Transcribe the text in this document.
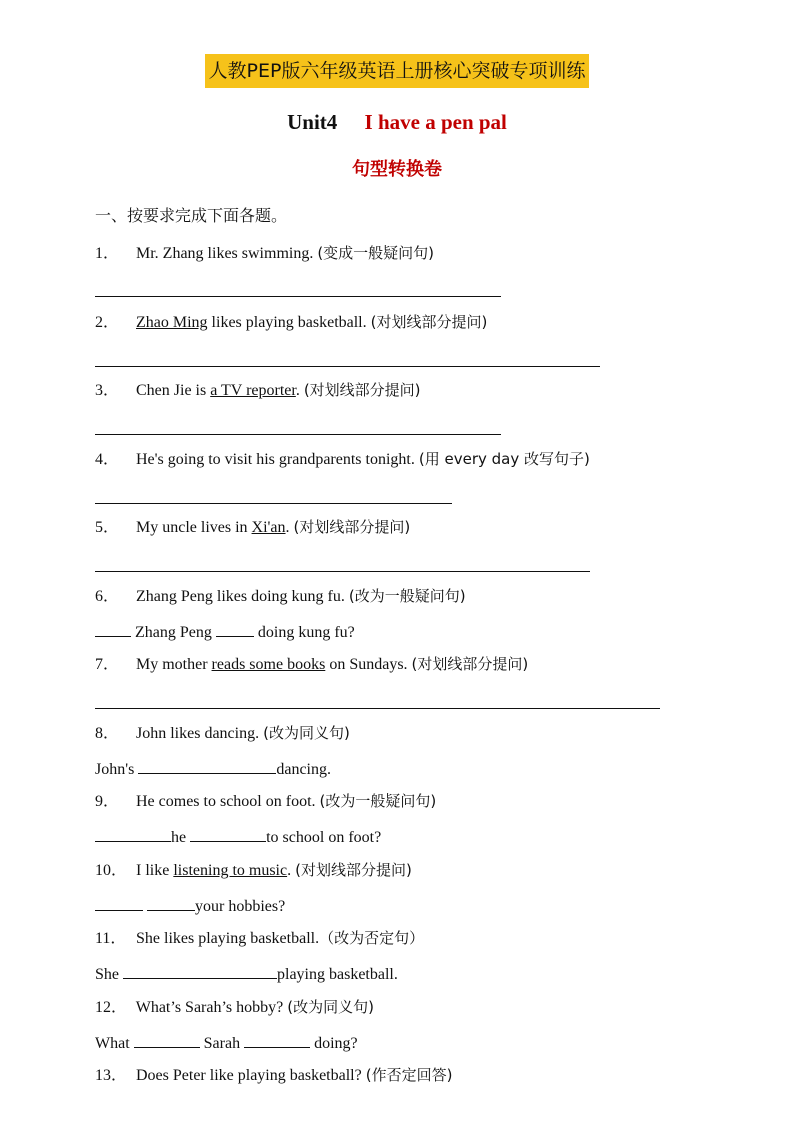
人教PEP版六年级英语上册核心突破专项训练
Unit4 I have a pen pal
句型转换卷
一、按要求完成下面各题。
1． Mr. Zhang likes swimming. (变成一般疑问句)
2． Zhao Ming likes playing basketball. (对划线部分提问)
3． Chen Jie is a TV reporter. (对划线部分提问)
4． He's going to visit his grandparents tonight. (用 every day 改写句子)
5． My uncle lives in Xi'an. (对划线部分提问)
6． Zhang Peng likes doing kung fu. (改为一般疑问句)
Zhang Peng	doing kung fu?
7． My mother reads some books on Sundays. (对划线部分提问)
8． John likes dancing. (改为同义句)
John's	dancing.
9． He comes to school on foot. (改为一般疑问句)
he	to school on foot?
10． I like listening to music. (对划线部分提问)
your hobbies?
11． She likes playing basketball.（改为否定句）
She	playing basketball.
12． What’s Sarah’s hobby? (改为同义句)
What	Sarah	doing?
13． Does Peter like playing basketball? (作否定回答)
